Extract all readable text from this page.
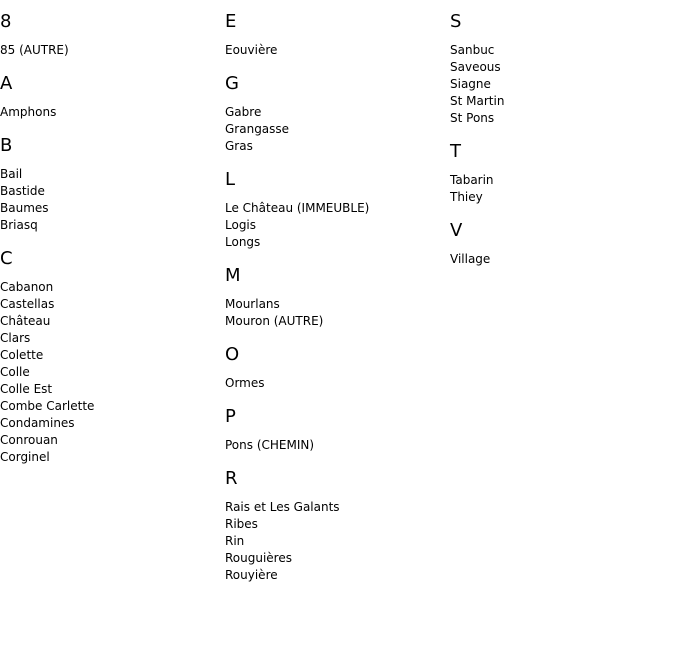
8
85 (AUTRE)
A
Amphons
B
Bail
Bastide
Baumes
Briasq
C
Cabanon
Castellas
Château
Clars
Colette
Colle
Colle Est
Combe Carlette
Condamines
Conrouan
Corginel
E
Eouvière
G
Gabre
Grangasse
Gras
L
Le Château (IMMEUBLE)
Logis
Longs
M
Mourlans
Mouron (AUTRE)
O
Ormes
P
Pons (CHEMIN)
R
Rais et Les Galants
Ribes
Rin
Rouguières
Rouyière
S
Sanbuc
Saveous
Siagne
St Martin
St Pons
T
Tabarin
Thiey
V
Village
